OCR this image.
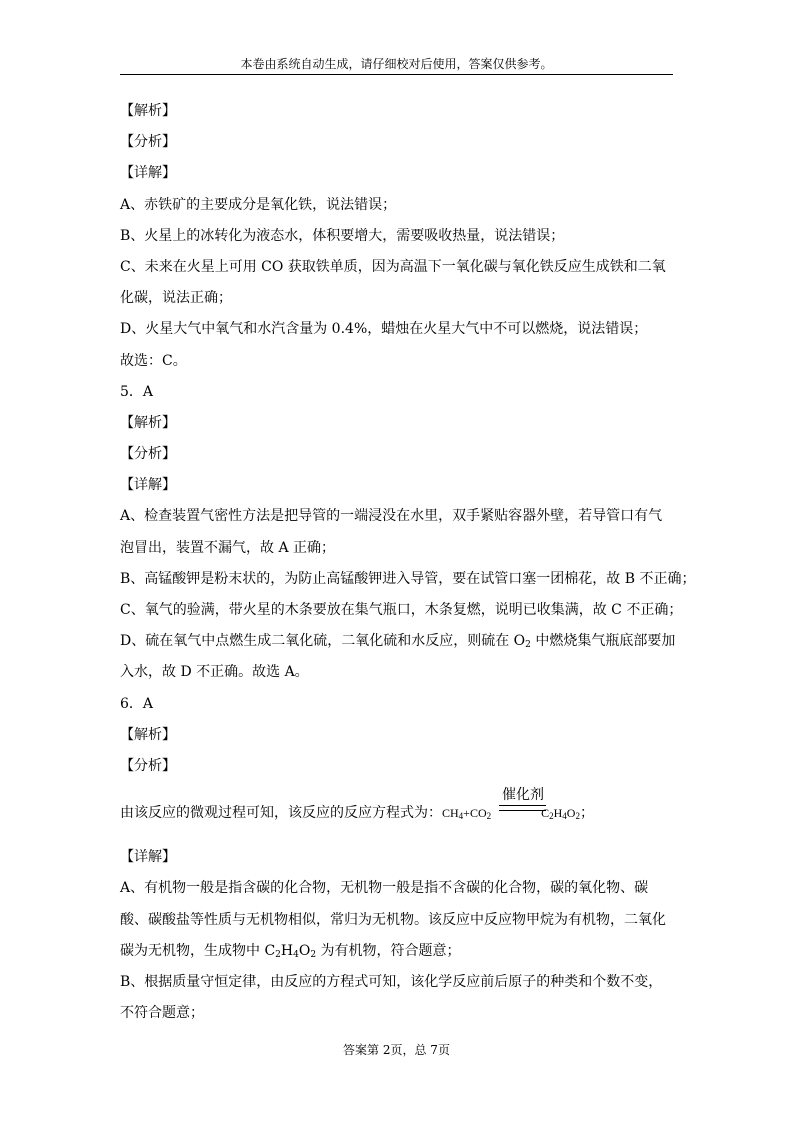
本卷由系统自动生成，请仔细校对后使用，答案仅供参考。
【解析】
【分析】
【详解】
A、赤铁矿的主要成分是氧化铁，说法错误；
B、火星上的冰转化为液态水，体积要增大，需要吸收热量，说法错误；
C、未来在火星上可用 CO 获取铁单质，因为高温下一氧化碳与氧化铁反应生成铁和二氧化碳，说法正确；
D、火星大气中氧气和水汽含量为 0.4%，蜡烛在火星大气中不可以燃烧，说法错误；
故选：C。
5．A
【解析】
【分析】
【详解】
A、检查装置气密性方法是把导管的一端浸没在水里，双手紧贴容器外壁，若导管口有气泡冒出，装置不漏气，故 A 正确；
B、高锰酸钾是粉末状的，为防止高锰酸钾进入导管，要在试管口塞一团棉花，故 B 不正确；
C、氧气的验满，带火星的木条要放在集气瓶口，木条复燃，说明已收集满，故 C 不正确；
D、硫在氧气中点燃生成二氧化硫，二氧化硫和水反应，则硫在 $O_2$ 中燃烧集气瓶底部要加入水，故 D 不正确。故选 A。
6．A
【解析】
【分析】
由该反应的微观过程可知，该反应的反应方程式为：$CH_4+CO_2$	$C_2H_4O_2$；
催化剂
【详解】
A、有机物一般是指含碳的化合物，无机物一般是指不含碳的化合物，碳的氧化物、碳酸、碳酸盐等性质与无机物相似，常归为无机物。该反应中反应物甲烷为有机物，二氧化碳为无机物，生成物中 $C_2H_4O_2$ 为有机物，符合题意；
B、根据质量守恒定律，由反应的方程式可知，该化学反应前后原子的种类和个数不变，不符合题意；
答案第 2页，总 7页
